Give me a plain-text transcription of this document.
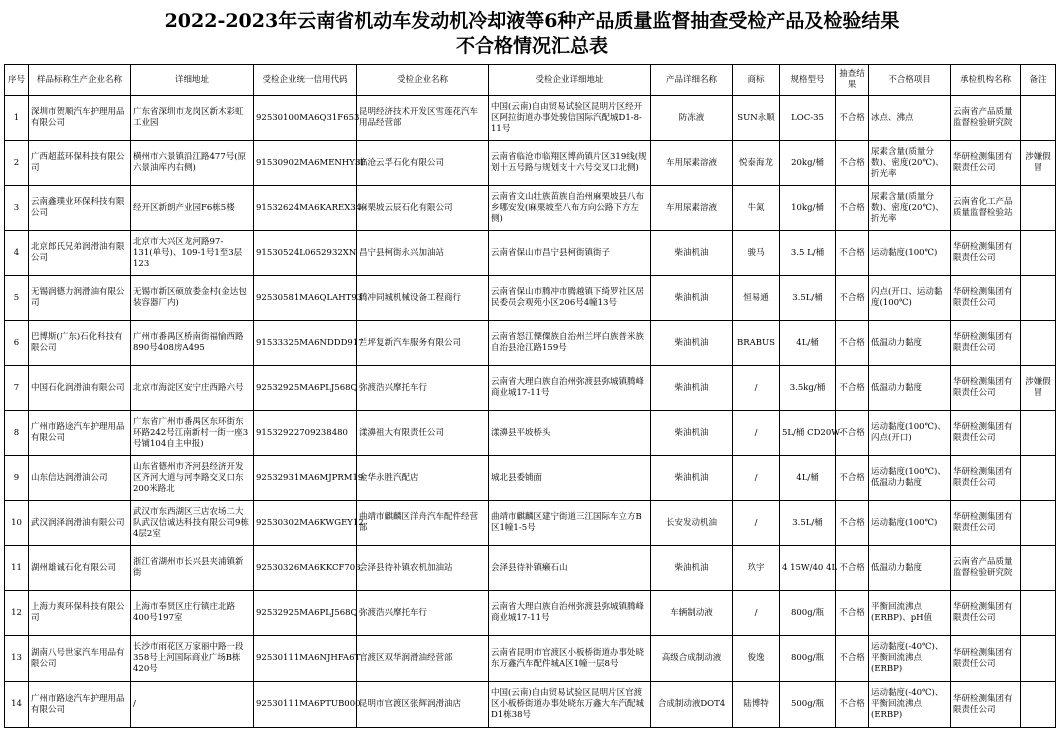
2022-2023年云南省机动车发动机冷却液等6种产品质量监督抽查受检产品及检验结果
不合格情况汇总表
序号	样品标称生产企业名称	详细地址	受检企业统一信用代码	受检企业名称	受检企业详细地址	产品详细名称	商标	规格型号	抽查结果	不合格项目	承检机构名称	备注
1	深圳市贺顺汽车护理用品有限公司	广东省深圳市龙岗区新木彩虹工业园	92530100MA6Q31F653	昆明经济技术开发区雪莲花汽车用品经营部	中国(云南)自由贸易试验区昆明片区经开区阿拉街道办事处骏信国际汽配城D1-8-11号	防冻液	SUN永顺	LOC-35	不合格	冰点、沸点	云南省产品质量监督检验研究院	
2	广西超蓝环保科技有限公司	横州市六景镇沿江路477号(原六景油库内右侧)	91530902MA6MENHY3F	临沧云孚石化有限公司	云南省临沧市临翔区博尚镇片区319线(规划十五号路与规划支十六号交叉口北侧)	车用尿素溶液	悦泰海龙	20kg/桶	不合格	尿素含量(质量分数)、密度(20℃)、折光率	华研检测集团有限责任公司	涉嫌假冒
3	云南鑫璞业环保科技有限公司	经开区新朗产业园F6栋5楼	91532624MA6KAREX34	麻栗坡云辰石化有限公司	云南省文山壮族苗族自治州麻栗坡县八布乡哪安发(麻栗坡至八布方向公路下方左侧)	车用尿素溶液	牛氮	10kg/桶	不合格	尿素含量(质量分数)、密度(20℃)、折光率	云南省化工产品质量监督检验站	
4	北京郎氏兄弟润滑油有限公司	北京市大兴区龙河路97-131(单号)、109-1号1至3层123	91530524L0652932XN	昌宁县柯街永兴加油站	云南省保山市昌宁县柯街镇街子	柴油机油	骏马	3.5 L/桶	不合格	运动黏度(100℃)	华研检测集团有限责任公司	
5	无锡润德力润滑油有限公司	无锡市新区硕放娄金村(金达包装容器厂内)	92530581MA6QLAHT93	腾冲同城机械设备工程商行	云南省保山市腾冲市腾越镇下绮罗社区居民委员会观苑小区206号4幢13号	柴油机油	恒易通	3.5L/桶	不合格	闪点(开口、运动黏度(100℃)	华研检测集团有限责任公司	
6	巴博斯(广东)石化科技有限公司	广州市番禺区桥南街福愉西路890号408房A495	91533325MA6NDDD917	兰坪复新汽车服务有限公司	云南省怒江傈僳族自治州兰坪白族普米族自治县沧江路159号	柴油机油	BRABUS	4L/桶	不合格	低温动力黏度	华研检测集团有限责任公司	
7	中国石化润滑油有限公司	北京市海淀区安宁庄西路六号	92532925MA6PLJ568Q	弥渡浩兴摩托车行	云南省大理白族自治州弥渡县弥城镇腾峰商业城17-11号	柴油机油	/	3.5kg/桶	不合格	低温动力黏度	华研检测集团有限责任公司	涉嫌假冒
8	广州市路途汽车护理用品有限公司	广东省广州市番禺区东环街东环路242号江南新村一街一座3号铺104自主申报)	91532922709238480	漾濞祖大有限责任公司	漾濞县平坡桥头	柴油机油	/	5L/桶 CD20W-	不合格	运动黏度(100℃)、闪点(开口)	华研检测集团有限责任公司	
9	山东信达润滑油公司	山东省德州市齐河县经济开发区齐河大道与河李路交叉口东200米路北	92532931MA6MJPRM19	金华永胜汽配店	城北县委铺面	柴油机油	/	4L/桶	不合格	运动黏度(100℃)、低温动力黏度	华研检测集团有限责任公司	
10	武汉润泽润滑油有限公司	武汉市东西湖区三店农场二大队武汉信诚达科技有限公司9栋4层2室	92530302MA6KWGEY12	曲靖市麒麟区洋舟汽车配件经营部	曲靖市麒麟区建宁街道三江国际车立方B区1幢1-5号	长安发动机油	/	3.5L/桶	不合格	运动黏度(100℃)	华研检测集团有限责任公司	
11	湖州雄诚石化有限公司	浙江省湖州市长兴县夹浦镇新街	92530326MA6KKCF703	会泽县待补镇农机加油站	会泽县待补镇癞石山	柴油机油	玖宇	4 15W/40 4L	不合格	低温动力黏度	云南省产品质量监督检验研究院	
12	上海力爽环保科技有限公司	上海市奉贤区庄行镇庄北路400号197室	92532925MA6PLJ568Q	弥渡浩兴摩托车行	云南省大理白族自治州弥渡县弥城镇腾峰商业城17-11号	车辆制动液	/	800g/瓶	不合格	平衡回流沸点(ERBP)、pH值	华研检测集团有限责任公司	
13	湖南八号世家汽车用品有限公司	长沙市雨花区万家丽中路一段358号上河国际商业广场B栋420号	92530111MA6NJHFA6T	官渡区双华润滑油经营部	云南省昆明市官渡区小板桥街道办事处晓东万鑫汽车配件城A区1幢一层8号	高级合成制动液	俊逸	800g/瓶	不合格	运动黏度(-40℃)、平衡回流沸点(ERBP)	华研检测集团有限责任公司	
14	广州市路途汽车护理用品有限公司	/	92530111MA6PTUB000	昆明市官渡区张辉润滑油店	中国(云南)自由贸易试验区昆明片区官渡区小板桥街道办事处晓东万鑫大车汽配城D1栋38号	合成制动液DOT4	陆博特	500g/瓶	不合格	运动黏度(-40℃)、平衡回流沸点(ERBP)	华研检测集团有限责任公司	
